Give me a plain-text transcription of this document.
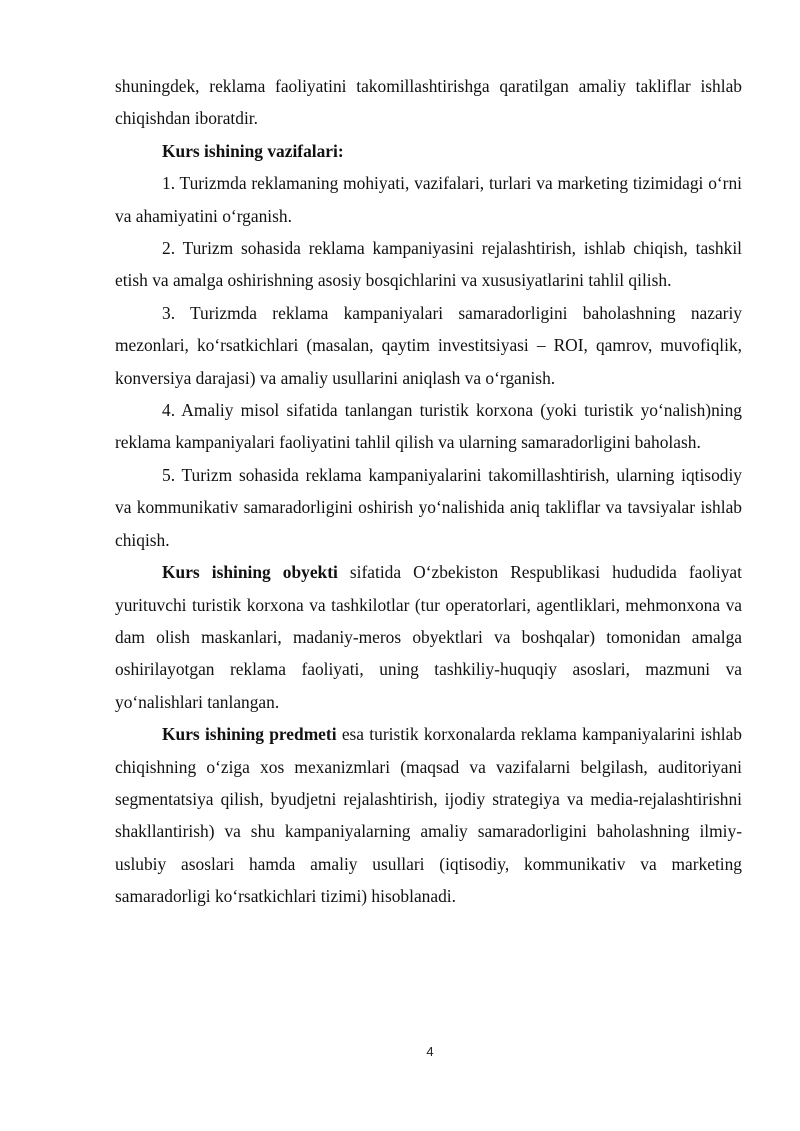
shuningdek, reklama faoliyatini takomillashtirishga qaratilgan amaliy takliflar ishlab chiqishdan iboratdir.

Kurs ishining vazifalari:

1. Turizmda reklamaning mohiyati, vazifalari, turlari va marketing tizimidagi o‘rni va ahamiyatini o‘rganish.

2. Turizm sohasida reklama kampaniyasini rejalashtirish, ishlab chiqish, tashkil etish va amalga oshirishning asosiy bosqichlarini va xususiyatlarini tahlil qilish.

3. Turizmda reklama kampaniyalari samaradorligini baholashning nazariy mezonlari, ko‘rsatkichlari (masalan, qaytim investitsiyasi – ROI, qamrov, muvofiqlik, konversiya darajasi) va amaliy usullarini aniqlash va o‘rganish.

4. Amaliy misol sifatida tanlangan turistik korxona (yoki turistik yo‘nalish)ning reklama kampaniyalari faoliyatini tahlil qilish va ularning samaradorligini baholash.

5. Turizm sohasida reklama kampaniyalarini takomillashtirish, ularning iqtisodiy va kommunikativ samaradorligini oshirish yo‘nalishida aniq takliflar va tavsiyalar ishlab chiqish.

Kurs ishining obyekti sifatida O‘zbekiston Respublikasi hududida faoliyat yurituvchi turistik korxona va tashkilotlar (tur operatorlari, agentliklari, mehmonxona va dam olish maskanlari, madaniy-meros obyektlari va boshqalar) tomonidan amalga oshirilayotgan reklama faoliyati, uning tashkiliy-huquqiy asoslari, mazmuni va yo‘nalishlari tanlangan.

Kurs ishining predmeti esa turistik korxonalarda reklama kampaniyalarini ishlab chiqishning o‘ziga xos mexanizmlari (maqsad va vazifalarni belgilash, auditoriyani segmentatsiya qilish, byudjetni rejalashtirish, ijodiy strategiya va media-rejalashtirishni shakllantirish) va shu kampaniyalarning amaliy samaradorligini baholashning ilmiy-uslubiy asoslari hamda amaliy usullari (iqtisodiy, kommunikativ va marketing samaradorligi ko‘rsatkichlari tizimi) hisoblanadi.

4
